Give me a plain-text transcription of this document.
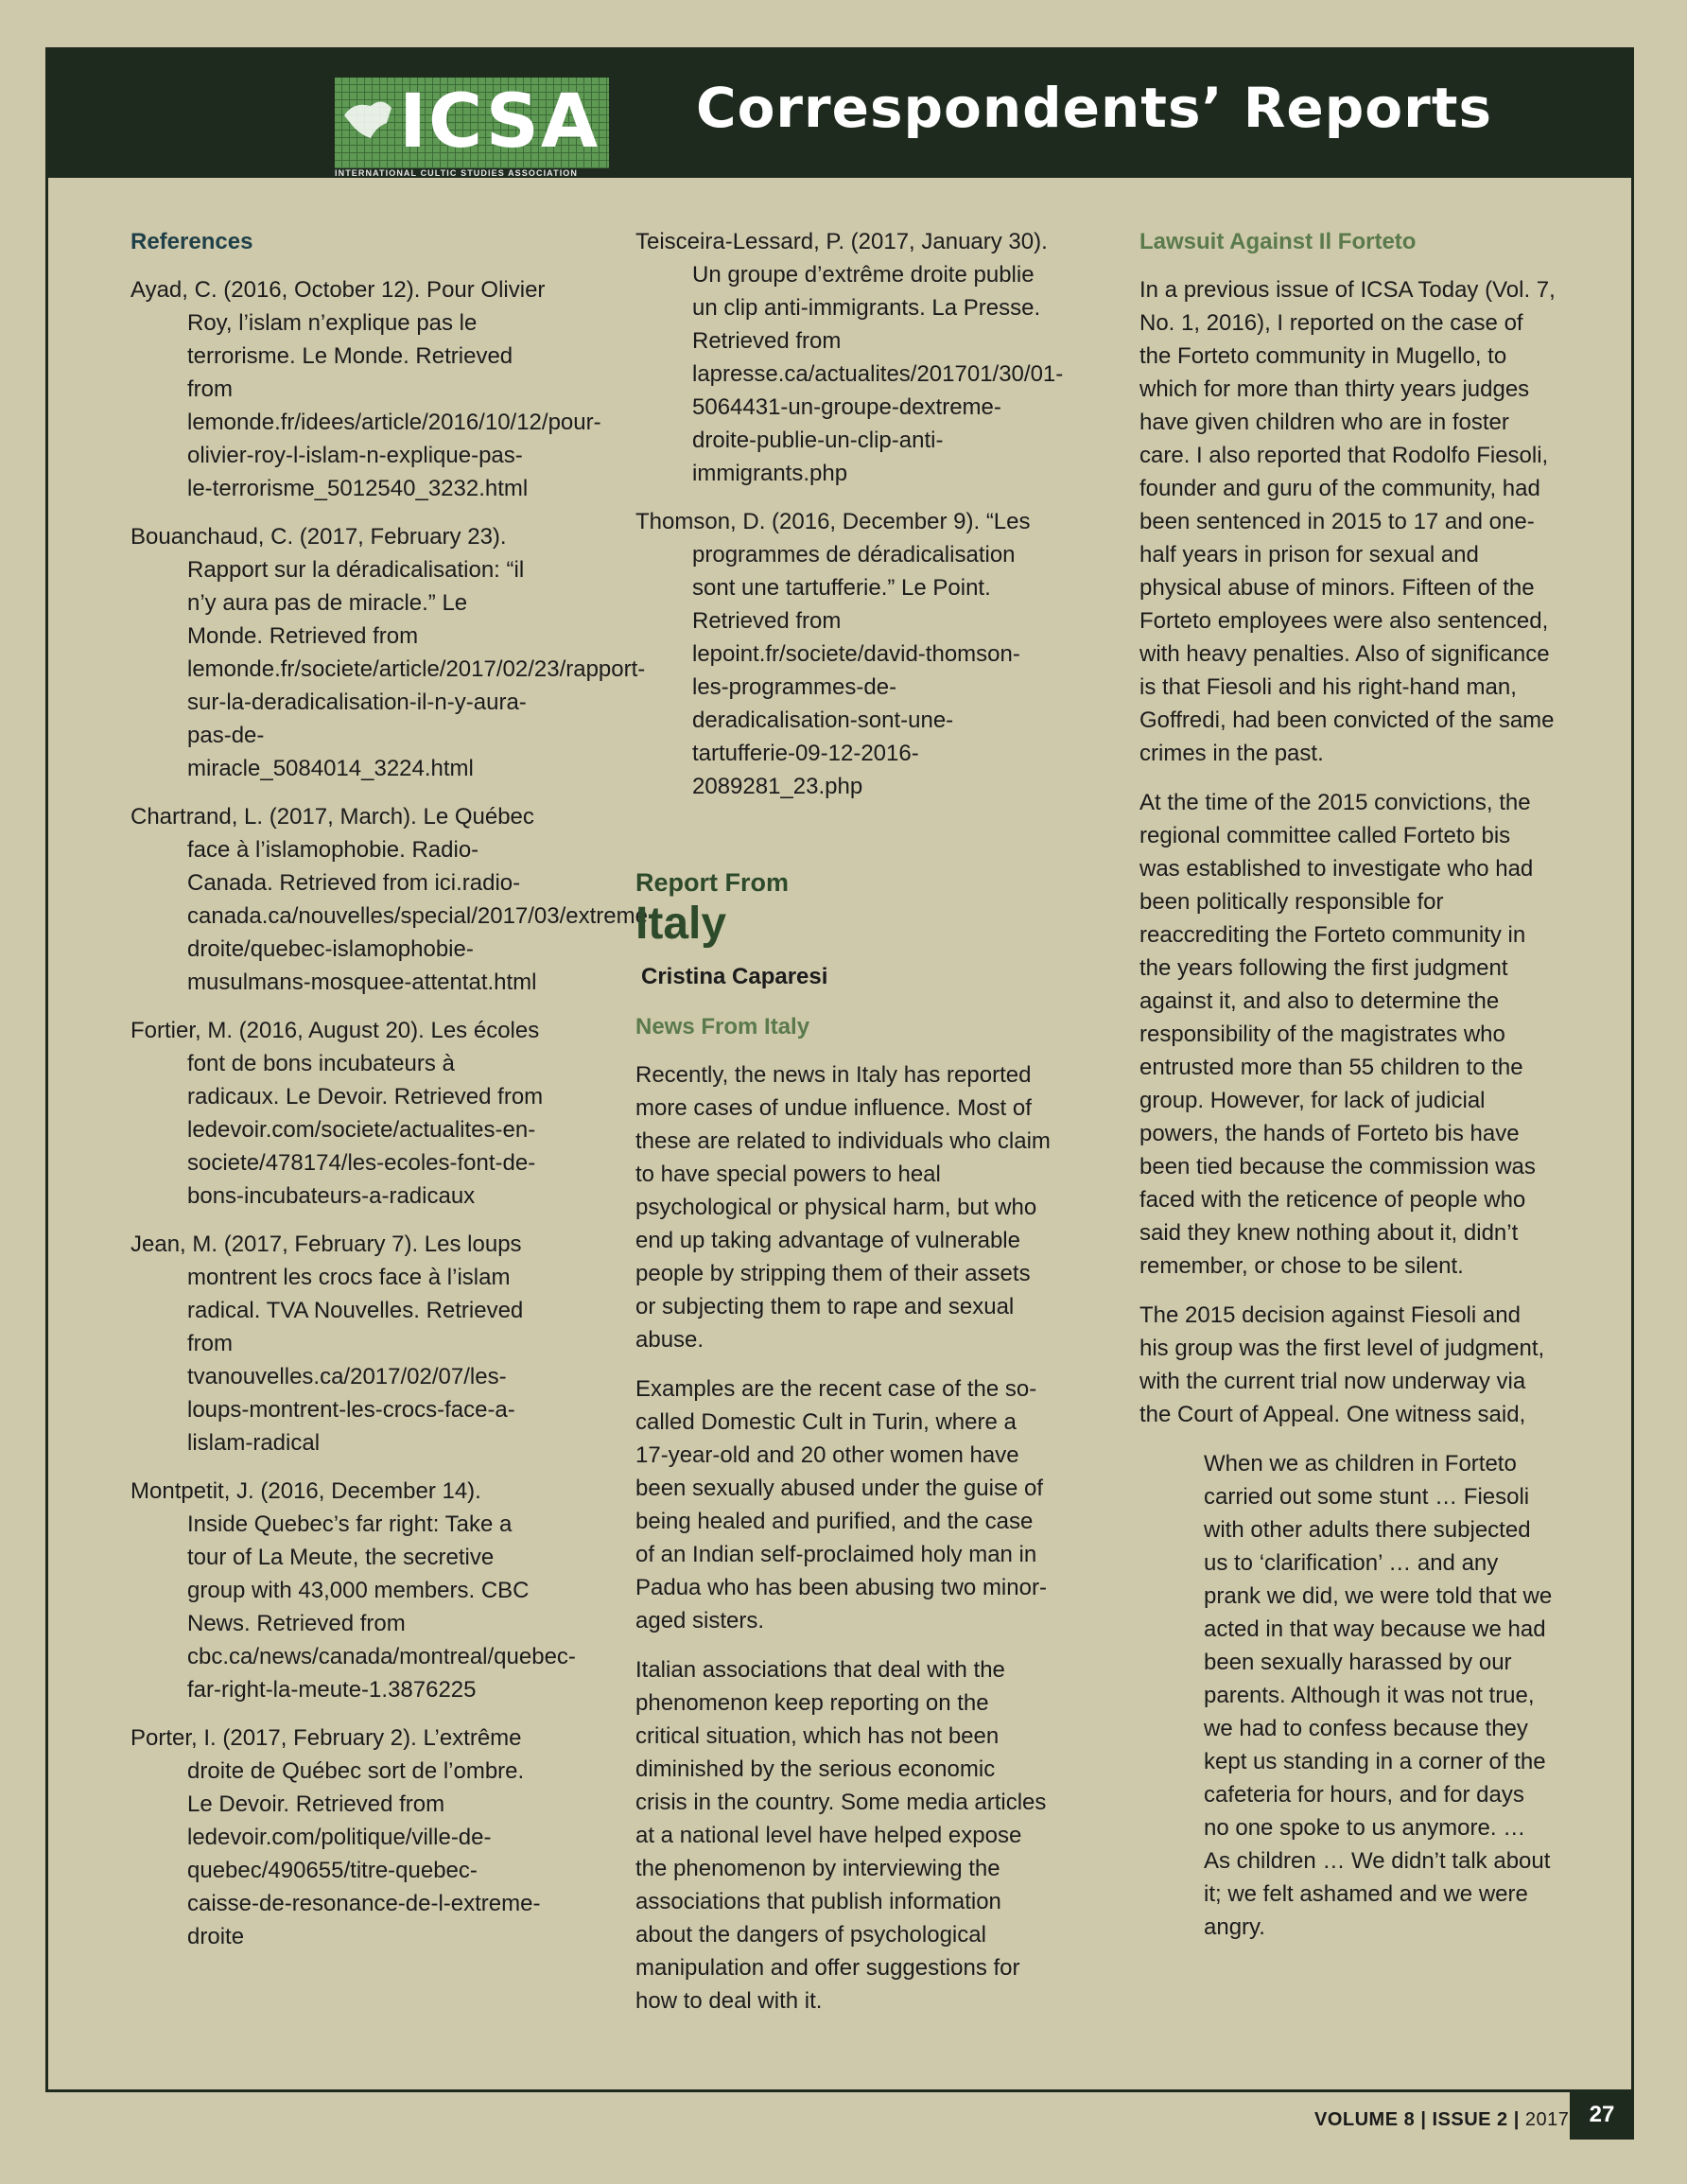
ICSA
INTERNATIONAL CULTIC STUDIES ASSOCIATION
Correspondents’ Reports
References
Ayad, C. (2016, October 12). Pour Olivier Roy, l’islam n’explique pas le terrorisme. Le Monde. Retrieved from lemonde.fr/idees/article/2016/10/12/pour-olivier-roy-l-islam-n-explique-pas-le-terrorisme_5012540_3232.html
Bouanchaud, C. (2017, February 23). Rapport sur la déradicalisation: “il n’y aura pas de miracle.” Le Monde. Retrieved from lemonde.fr/societe/article/2017/02/23/rapport-sur-la-deradicalisation-il-n-y-aura-pas-de-miracle_5084014_3224.html
Chartrand, L. (2017, March). Le Québec face à l’islamophobie. Radio-Canada. Retrieved from ici.radio-canada.ca/nouvelles/special/2017/03/extreme-droite/quebec-islamophobie-musulmans-mosquee-attentat.html
Fortier, M. (2016, August 20). Les écoles font de bons incubateurs à radicaux. Le Devoir. Retrieved from ledevoir.com/societe/actualites-en-societe/478174/les-ecoles-font-de-bons-incubateurs-a-radicaux
Jean, M. (2017, February 7). Les loups montrent les crocs face à l’islam radical. TVA Nouvelles. Retrieved from tvanouvelles.ca/2017/02/07/les-loups-montrent-les-crocs-face-a-lislam-radical
Montpetit, J. (2016, December 14). Inside Quebec’s far right: Take a tour of La Meute, the secretive group with 43,000 members. CBC News. Retrieved from cbc.ca/news/canada/montreal/quebec-far-right-la-meute-1.3876225
Porter, I. (2017, February 2). L’extrême droite de Québec sort de l’ombre. Le Devoir. Retrieved from ledevoir.com/politique/ville-de-quebec/490655/titre-quebec-caisse-de-resonance-de-l-extreme-droite
Teisceira-Lessard, P. (2017, January 30). Un groupe d’extrême droite publie un clip anti-immigrants. La Presse. Retrieved from lapresse.ca/actualites/201701/30/01-5064431-un-groupe-dextreme-droite-publie-un-clip-anti-immigrants.php
Thomson, D. (2016, December 9). “Les programmes de déradicalisation sont une tartufferie.” Le Point. Retrieved from lepoint.fr/societe/david-thomson-les-programmes-de-deradicalisation-sont-une-tartufferie-09-12-2016-2089281_23.php
Report From
Italy
Cristina Caparesi
News From Italy

Recently, the news in Italy has reported more cases of undue influence. Most of these are related to individuals who claim to have special powers to heal psychological or physical harm, but who end up taking advantage of vulnerable people by stripping them of their assets or subjecting them to rape and sexual abuse.

Examples are the recent case of the so-called Domestic Cult in Turin, where a 17-year-old and 20 other women have been sexually abused under the guise of being healed and purified, and the case of an Indian self-proclaimed holy man in Padua who has been abusing two minor-aged sisters.

Italian associations that deal with the phenomenon keep reporting on the critical situation, which has not been diminished by the serious economic crisis in the country. Some media articles at a national level have helped expose the phenomenon by interviewing the associations that publish information about the dangers of psychological manipulation and offer suggestions for how to deal with it.

Lawsuit Against Il Forteto

In a previous issue of ICSA Today (Vol. 7, No. 1, 2016), I reported on the case of the Forteto community in Mugello, to which for more than thirty years judges have given children who are in foster care. I also reported that Rodolfo Fiesoli, founder and guru of the community, had been sentenced in 2015 to 17 and one-half years in prison for sexual and physical abuse of minors. Fifteen of the Forteto employees were also sentenced, with heavy penalties. Also of significance is that Fiesoli and his right-hand man, Goffredi, had been convicted of the same crimes in the past.

At the time of the 2015 convictions, the regional committee called Forteto bis was established to investigate who had been politically responsible for reaccrediting the Forteto community in the years following the first judgment against it, and also to determine the responsibility of the magistrates who entrusted more than 55 children to the group. However, for lack of judicial powers, the hands of Forteto bis have been tied because the commission was faced with the reticence of people who said they knew nothing about it, didn’t remember, or chose to be silent.

The 2015 decision against Fiesoli and his group was the first level of judgment, with the current trial now underway via the Court of Appeal. One witness said,

When we as children in Forteto carried out some stunt … Fiesoli with other adults there subjected us to ‘clarification’ … and any prank we did, we were told that we acted in that way because we had been sexually harassed by our parents. Although it was not true, we had to confess because they kept us standing in a corner of the cafeteria for hours, and for days no one spoke to us anymore. … As children … We didn’t talk about it; we felt ashamed and we were angry.

VOLUME 8 | ISSUE 2 | 2017 27
